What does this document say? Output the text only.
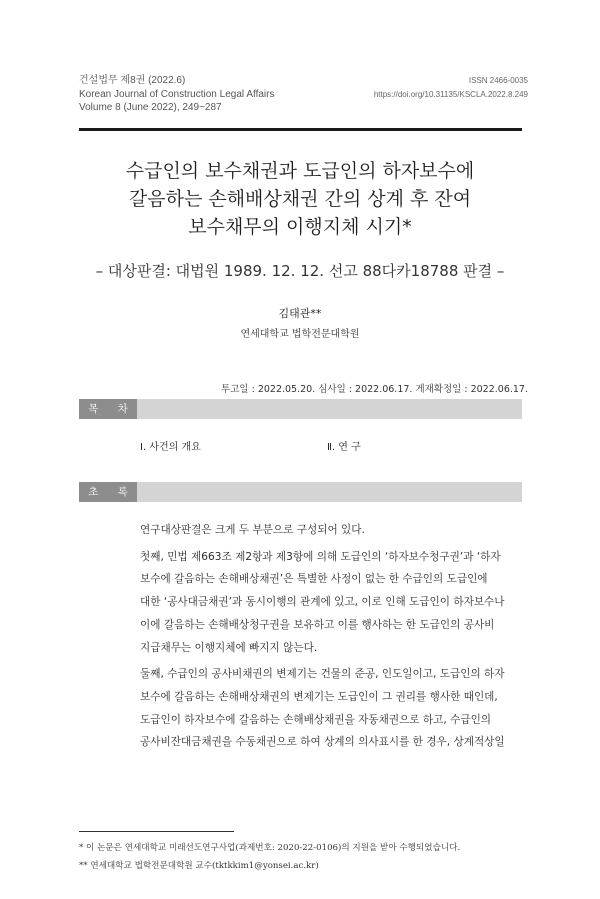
건설법무 제8권 (2022.6)
Korean Journal of Construction Legal Affairs
Volume 8 (June 2022), 249~287
ISSN 2466-0035
https://doi.org/10.31135/KSCLA.2022.8.249
수급인의 보수채권과 도급인의 하자보수에
갈음하는 손해배상채권 간의 상계 후 잔여
보수채무의 이행지체 시기*
– 대상판결: 대법원 1989. 12. 12. 선고 88다카18788 판결 –
김태관**
연세대학교 법학전문대학원
투고일 : 2022.05.20. 심사일 : 2022.06.17. 게재확정일 : 2022.06.17.
목 차
Ⅰ. 사건의 개요	Ⅱ. 연 구
초 록
연구대상판결은 크게 두 부분으로 구성되어 있다.
첫째, 민법 제663조 제2항과 제3항에 의해 도급인의 ‘하자보수청구권’과 ‘하자
보수에 갈음하는 손해배상채권’은 특별한 사정이 없는 한 수급인의 도급인에
대한 ‘공사대금채권’과 동시이행의 관계에 있고, 이로 인해 도급인이 하자보수나
이에 갈음하는 손해배상청구권을 보유하고 이를 행사하는 한 도급인의 공사비
지급채무는 이행지체에 빠지지 않는다.
둘째, 수급인의 공사비채권의 변제기는 건물의 준공, 인도일이고, 도급인의 하자
보수에 갈음하는 손해배상채권의 변제기는 도급인이 그 권리를 행사한 때인데,
도급인이 하자보수에 갈음하는 손해배상채권을 자동채권으로 하고, 수급인의
공사비잔대금채권을 수동채권으로 하여 상계의 의사표시를 한 경우, 상계적상일
* 이 논문은 연세대학교 미래선도연구사업(과제번호: 2020-22-0106)의 지원을 받아 수행되었습니다.
** 연세대학교 법학전문대학원 교수(tktkkim1@yonsei.ac.kr)
